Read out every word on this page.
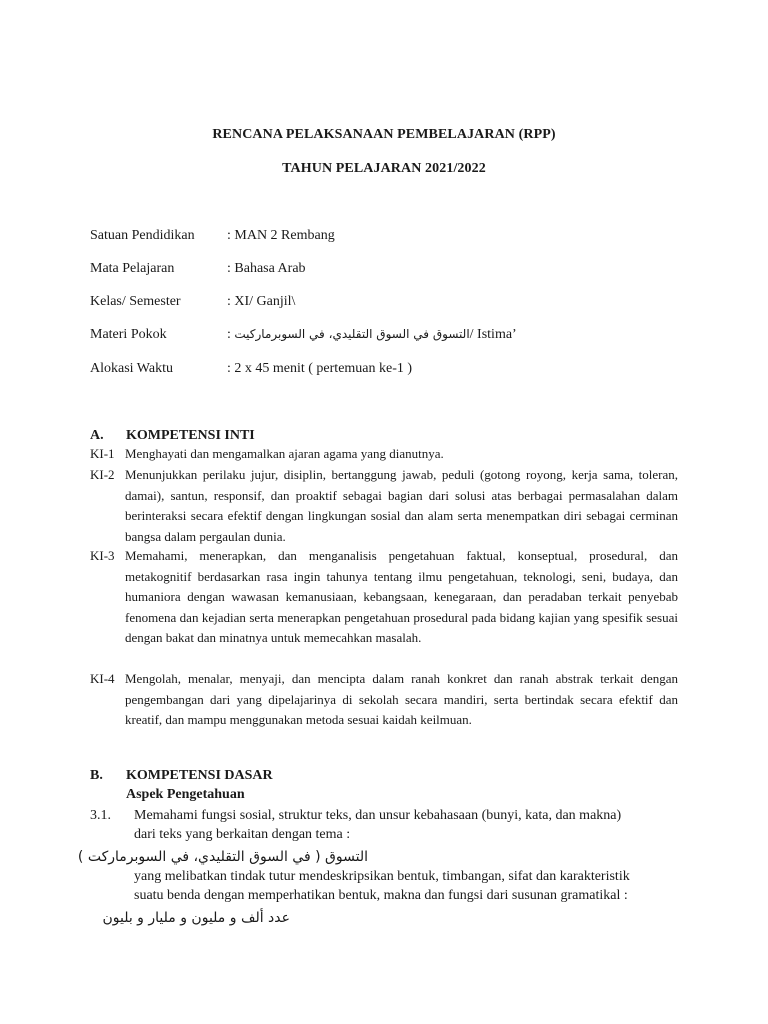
RENCANA PELAKSANAAN PEMBELAJARAN (RPP)
TAHUN PELAJARAN 2021/2022
Satuan Pendidikan : MAN 2 Rembang
Mata Pelajaran	: Bahasa Arab
Kelas/ Semester	: XI/ Ganjil\
Materi Pokok	: التسوق في السوق التقليدي، في السوبرماركيت/ Istima’
Alokasi Waktu	: 2 x 45 menit ( pertemuan ke-1 )
A. KOMPETENSI INTI
KI-1 Menghayati dan mengamalkan ajaran agama yang dianutnya.
KI-2 Menunjukkan perilaku jujur, disiplin, bertanggung jawab, peduli (gotong royong, kerja sama, toleran, damai), santun, responsif, dan proaktif sebagai bagian dari solusi atas berbagai permasalahan dalam berinteraksi secara efektif dengan lingkungan sosial dan alam serta menempatkan diri sebagai cerminan bangsa dalam pergaulan dunia.
KI-3 Memahami, menerapkan, dan menganalisis pengetahuan faktual, konseptual, prosedural, dan metakognitif berdasarkan rasa ingin tahunya tentang ilmu pengetahuan, teknologi, seni, budaya, dan humaniora dengan wawasan kemanusiaan, kebangsaan, kenegaraan, dan peradaban terkait penyebab fenomena dan kejadian serta menerapkan pengetahuan prosedural pada bidang kajian yang spesifik sesuai dengan bakat dan minatnya untuk memecahkan masalah.
KI-4 Mengolah, menalar, menyaji, dan mencipta dalam ranah konkret dan ranah abstrak terkait dengan pengembangan dari yang dipelajarinya di sekolah secara mandiri, serta bertindak secara efektif dan kreatif, dan mampu menggunakan metoda sesuai kaidah keilmuan.
B. KOMPETENSI DASAR
Aspek Pengetahuan
3.1. Memahami fungsi sosial, struktur teks, dan unsur kebahasaan (bunyi, kata, dan makna)
dari teks yang berkaitan dengan tema :
التسوق ( في السوق التقليدي، في السوبرماركت )
yang melibatkan tindak tutur mendeskripsikan bentuk, timbangan, sifat dan karakteristik
suatu benda dengan memperhatikan bentuk, makna dan fungsi dari susunan gramatikal :
عدد ألف و مليون و مليار و بليون
